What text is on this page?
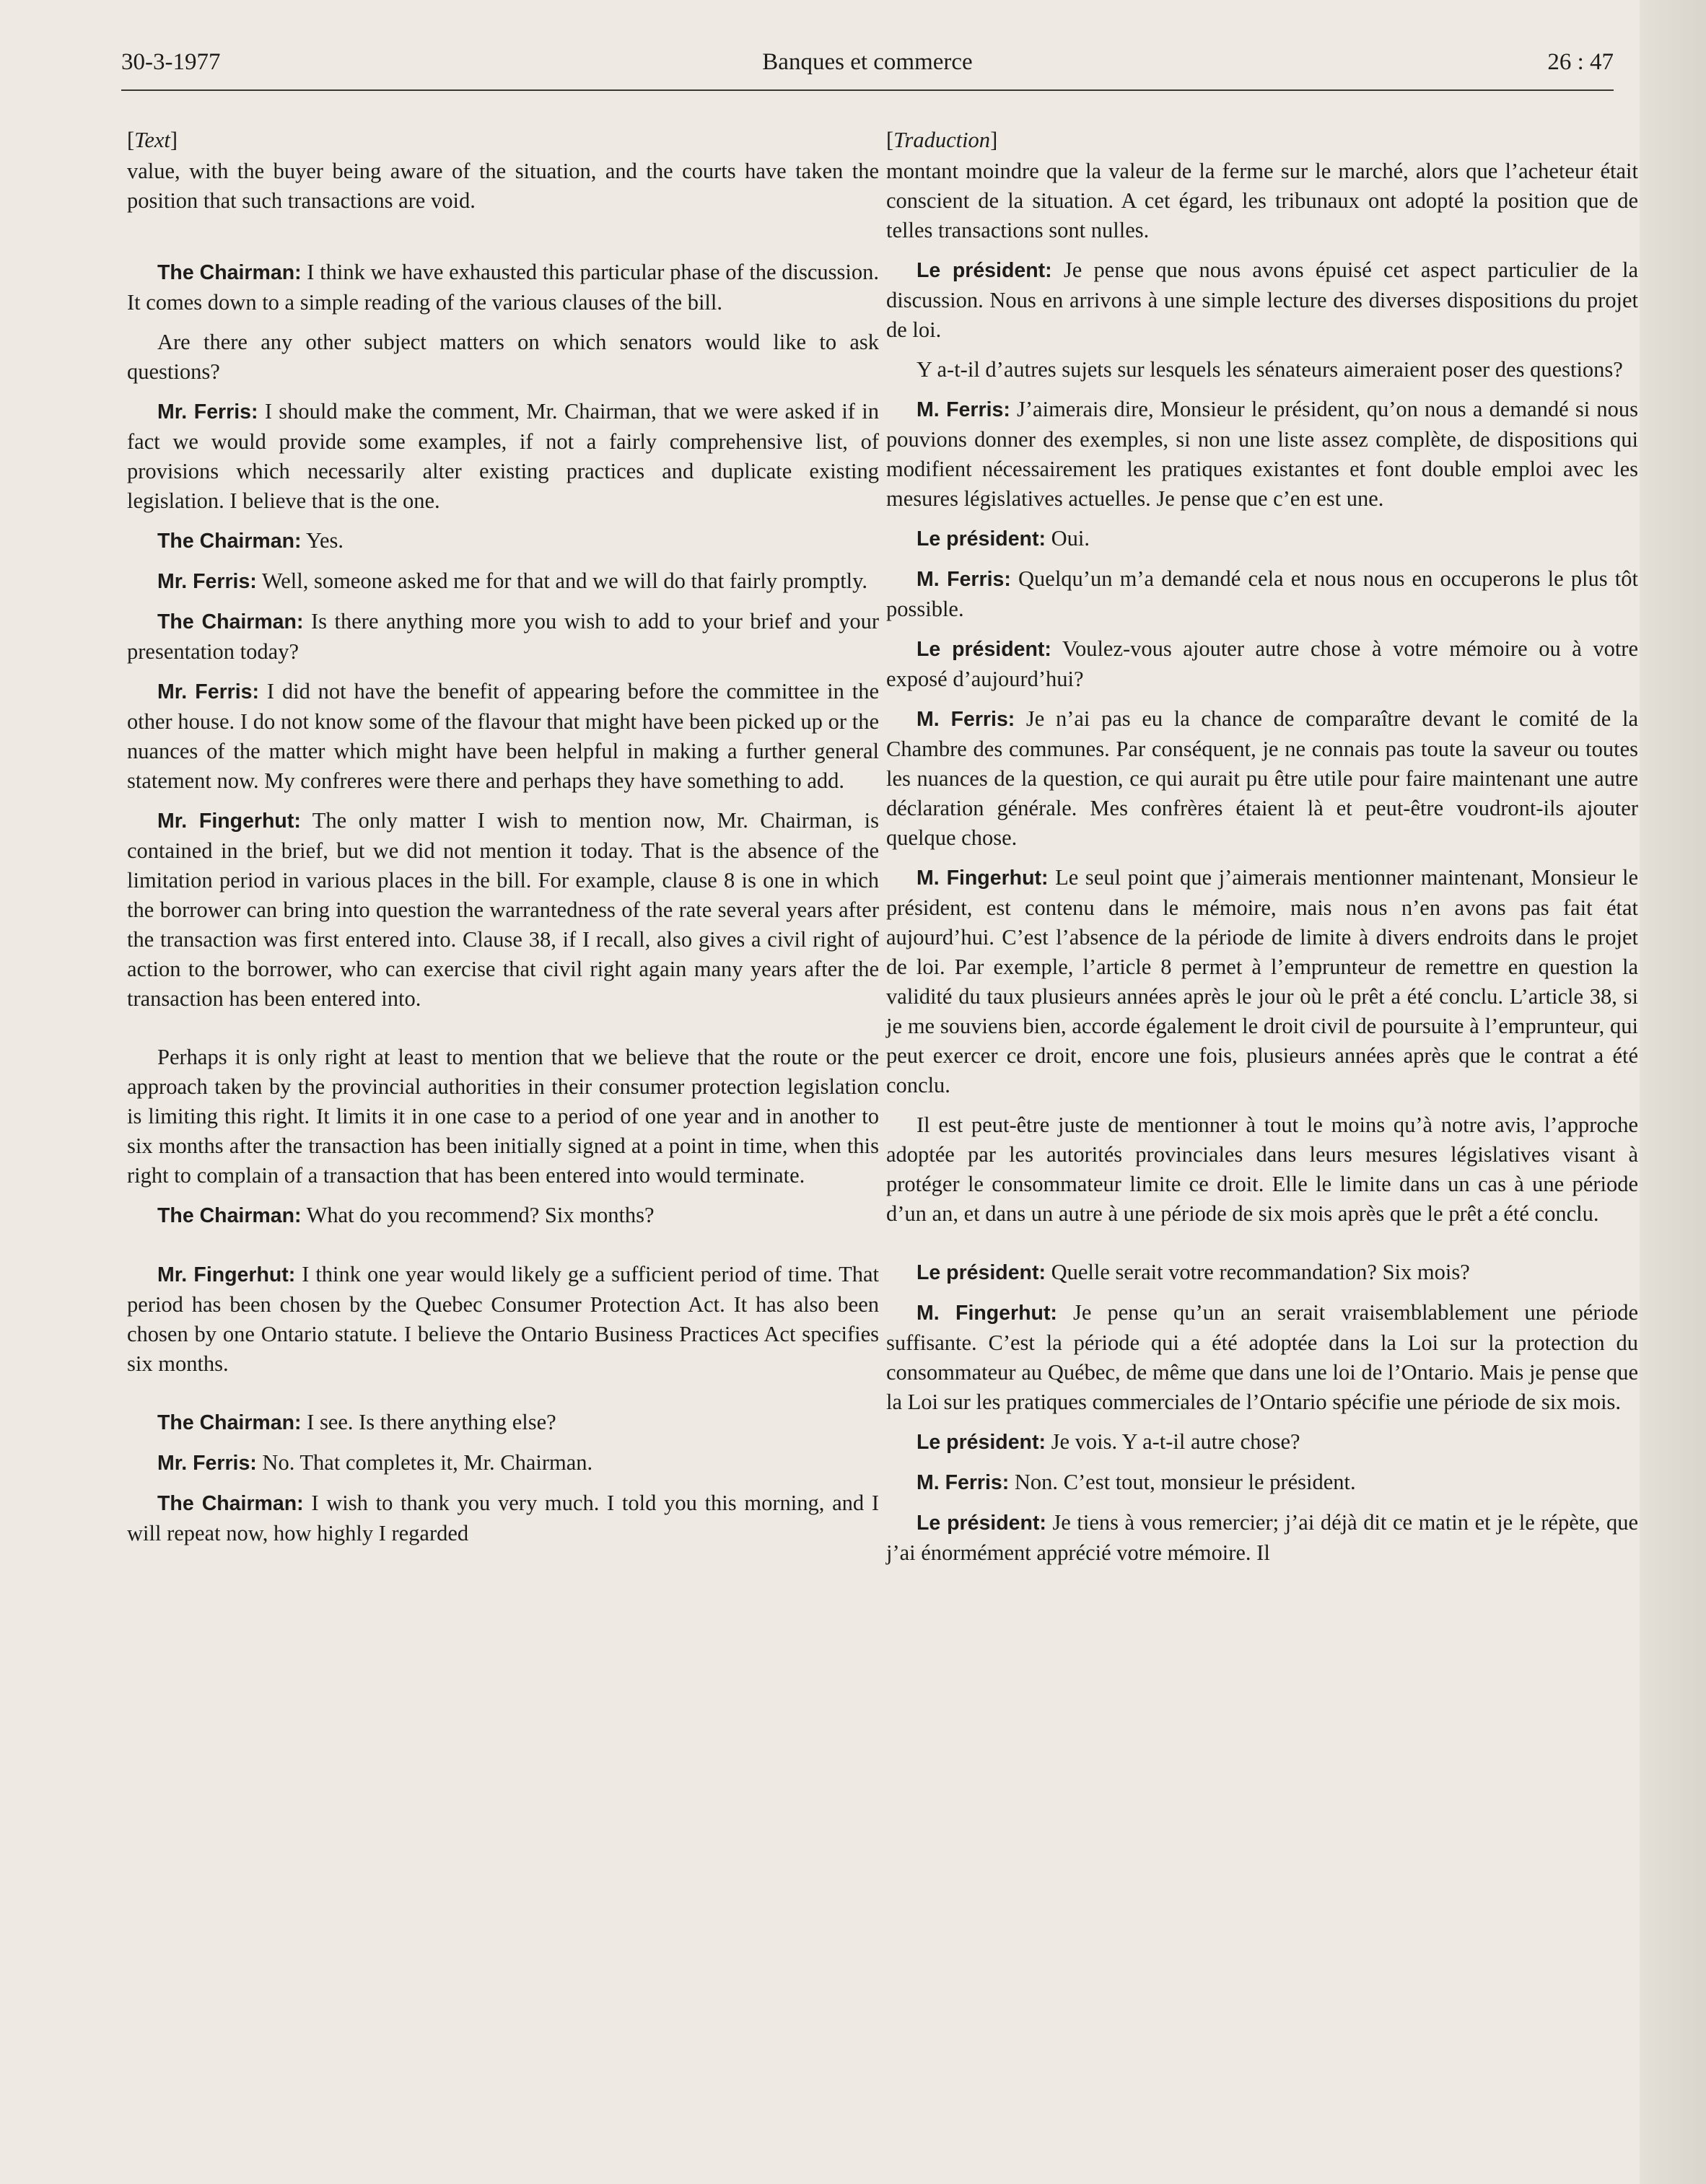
30-3-1977	Banques et commerce	26 : 47
[Text]

value, with the buyer being aware of the situation, and the courts have taken the position that such transactions are void.

The Chairman: I think we have exhausted this particular phase of the discussion. It comes down to a simple reading of the various clauses of the bill.

Are there any other subject matters on which senators would like to ask questions?

Mr. Ferris: I should make the comment, Mr. Chairman, that we were asked if in fact we would provide some examples, if not a fairly comprehensive list, of provisions which necessarily alter existing practices and duplicate existing legislation. I believe that is the one.

The Chairman: Yes.

Mr. Ferris: Well, someone asked me for that and we will do that fairly promptly.

The Chairman: Is there anything more you wish to add to your brief and your presentation today?

Mr. Ferris: I did not have the benefit of appearing before the committee in the other house. I do not know some of the flavour that might have been picked up or the nuances of the matter which might have been helpful in making a further general statement now. My confreres were there and perhaps they have something to add.

Mr. Fingerhut: The only matter I wish to mention now, Mr. Chairman, is contained in the brief, but we did not mention it today. That is the absence of the limitation period in various places in the bill. For example, clause 8 is one in which the borrower can bring into question the warrantedness of the rate several years after the transaction was first entered into. Clause 38, if I recall, also gives a civil right of action to the borrower, who can exercise that civil right again many years after the transaction has been entered into.

Perhaps it is only right at least to mention that we believe that the route or the approach taken by the provincial authorities in their consumer protection legislation is limiting this right. It limits it in one case to a period of one year and in another to six months after the transaction has been initially signed at a point in time, when this right to complain of a transaction that has been entered into would terminate.

The Chairman: What do you recommend? Six months?

Mr. Fingerhut: I think one year would likely ge a sufficient period of time. That period has been chosen by the Quebec Consumer Protection Act. It has also been chosen by one Ontario statute. I believe the Ontario Business Practices Act specifies six months.

The Chairman: I see. Is there anything else?

Mr. Ferris: No. That completes it, Mr. Chairman.

The Chairman: I wish to thank you very much. I told you this morning, and I will repeat now, how highly I regarded

[Traduction]

montant moindre que la valeur de la ferme sur le marché, alors que l’acheteur était conscient de la situation. A cet égard, les tribunaux ont adopté la position que de telles transactions sont nulles.

Le président: Je pense que nous avons épuisé cet aspect particulier de la discussion. Nous en arrivons à une simple lecture des diverses dispositions du projet de loi.

Y a-t-il d’autres sujets sur lesquels les sénateurs aimeraient poser des questions?

M. Ferris: J’aimerais dire, Monsieur le président, qu’on nous a demandé si nous pouvions donner des exemples, si non une liste assez complète, de dispositions qui modifient nécessairement les pratiques existantes et font double emploi avec les mesures législatives actuelles. Je pense que c’en est une.

Le président: Oui.

M. Ferris: Quelqu’un m’a demandé cela et nous nous en occuperons le plus tôt possible.

Le président: Voulez-vous ajouter autre chose à votre mémoire ou à votre exposé d’aujourd’hui?

M. Ferris: Je n’ai pas eu la chance de comparaître devant le comité de la Chambre des communes. Par conséquent, je ne connais pas toute la saveur ou toutes les nuances de la question, ce qui aurait pu être utile pour faire maintenant une autre déclaration générale. Mes confrères étaient là et peut-être voudront-ils ajouter quelque chose.

M. Fingerhut: Le seul point que j’aimerais mentionner maintenant, Monsieur le président, est contenu dans le mémoire, mais nous n’en avons pas fait état aujourd’hui. C’est l’absence de la période de limite à divers endroits dans le projet de loi. Par exemple, l’article 8 permet à l’emprunteur de remettre en question la validité du taux plusieurs années après le jour où le prêt a été conclu. L’article 38, si je me souviens bien, accorde également le droit civil de poursuite à l’emprunteur, qui peut exercer ce droit, encore une fois, plusieurs années après que le contrat a été conclu.

Il est peut-être juste de mentionner à tout le moins qu’à notre avis, l’approche adoptée par les autorités provinciales dans leurs mesures législatives visant à protéger le consommateur limite ce droit. Elle le limite dans un cas à une période d’un an, et dans un autre à une période de six mois après que le prêt a été conclu.

Le président: Quelle serait votre recommandation? Six mois?

M. Fingerhut: Je pense qu’un an serait vraisemblablement une période suffisante. C’est la période qui a été adoptée dans la Loi sur la protection du consommateur au Québec, de même que dans une loi de l’Ontario. Mais je pense que la Loi sur les pratiques commerciales de l’Ontario spécifie une période de six mois.

Le président: Je vois. Y a-t-il autre chose?

M. Ferris: Non. C’est tout, monsieur le président.

Le président: Je tiens à vous remercier; j’ai déjà dit ce matin et je le répète, que j’ai énormément apprécié votre mémoire. Il
